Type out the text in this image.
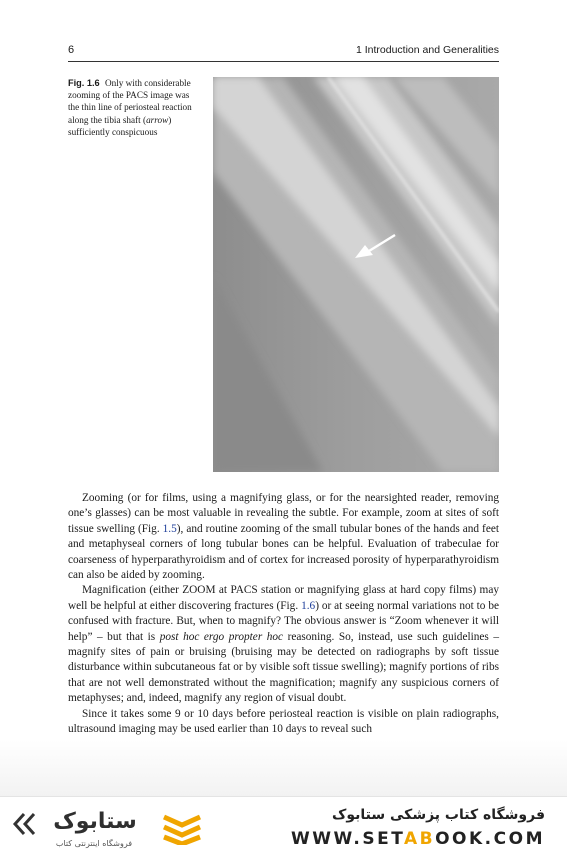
6	1 Introduction and Generalities
Fig. 1.6 Only with considerable zooming of the PACS image was the thin line of periosteal reaction along the tibia shaft (arrow) sufficiently conspicuous

Zooming (or for films, using a magnifying glass, or for the nearsighted reader, removing one’s glasses) can be most valuable in revealing the subtle. For example, zoom at sites of soft tissue swelling (Fig. 1.5), and routine zooming of the small tubular bones of the hands and feet and metaphyseal corners of long tubular bones can be helpful. Evaluation of trabeculae for coarseness of hyperparathyroidism and of cortex for increased porosity of hyperparathyroidism can also be aided by zooming.

Magnification (either ZOOM at PACS station or magnifying glass at hard copy films) may well be helpful at either discovering fractures (Fig. 1.6) or at seeing normal variations not to be confused with fracture. But, when to magnify? The obvious answer is “Zoom whenever it will help” – but that is post hoc ergo propter hoc reasoning. So, instead, use such guidelines – magnify sites of pain or bruising (bruising may be detected on radiographs by soft tissue disturbance within subcutaneous fat or by visible soft tissue swelling); magnify portions of ribs that are not well demonstrated without the magnification; magnify any suspicious corners of metaphyses; and, indeed, magnify any region of visual doubt.

Since it takes some 9 or 10 days before periosteal reaction is visible on plain radiographs, ultrasound imaging may be used earlier than 10 days to reveal such

ستابوک
فروشگاه اینترنتی کتاب
فروشگاه کتاب پزشکی ستابوک
WWW.SETABOOK.COM
